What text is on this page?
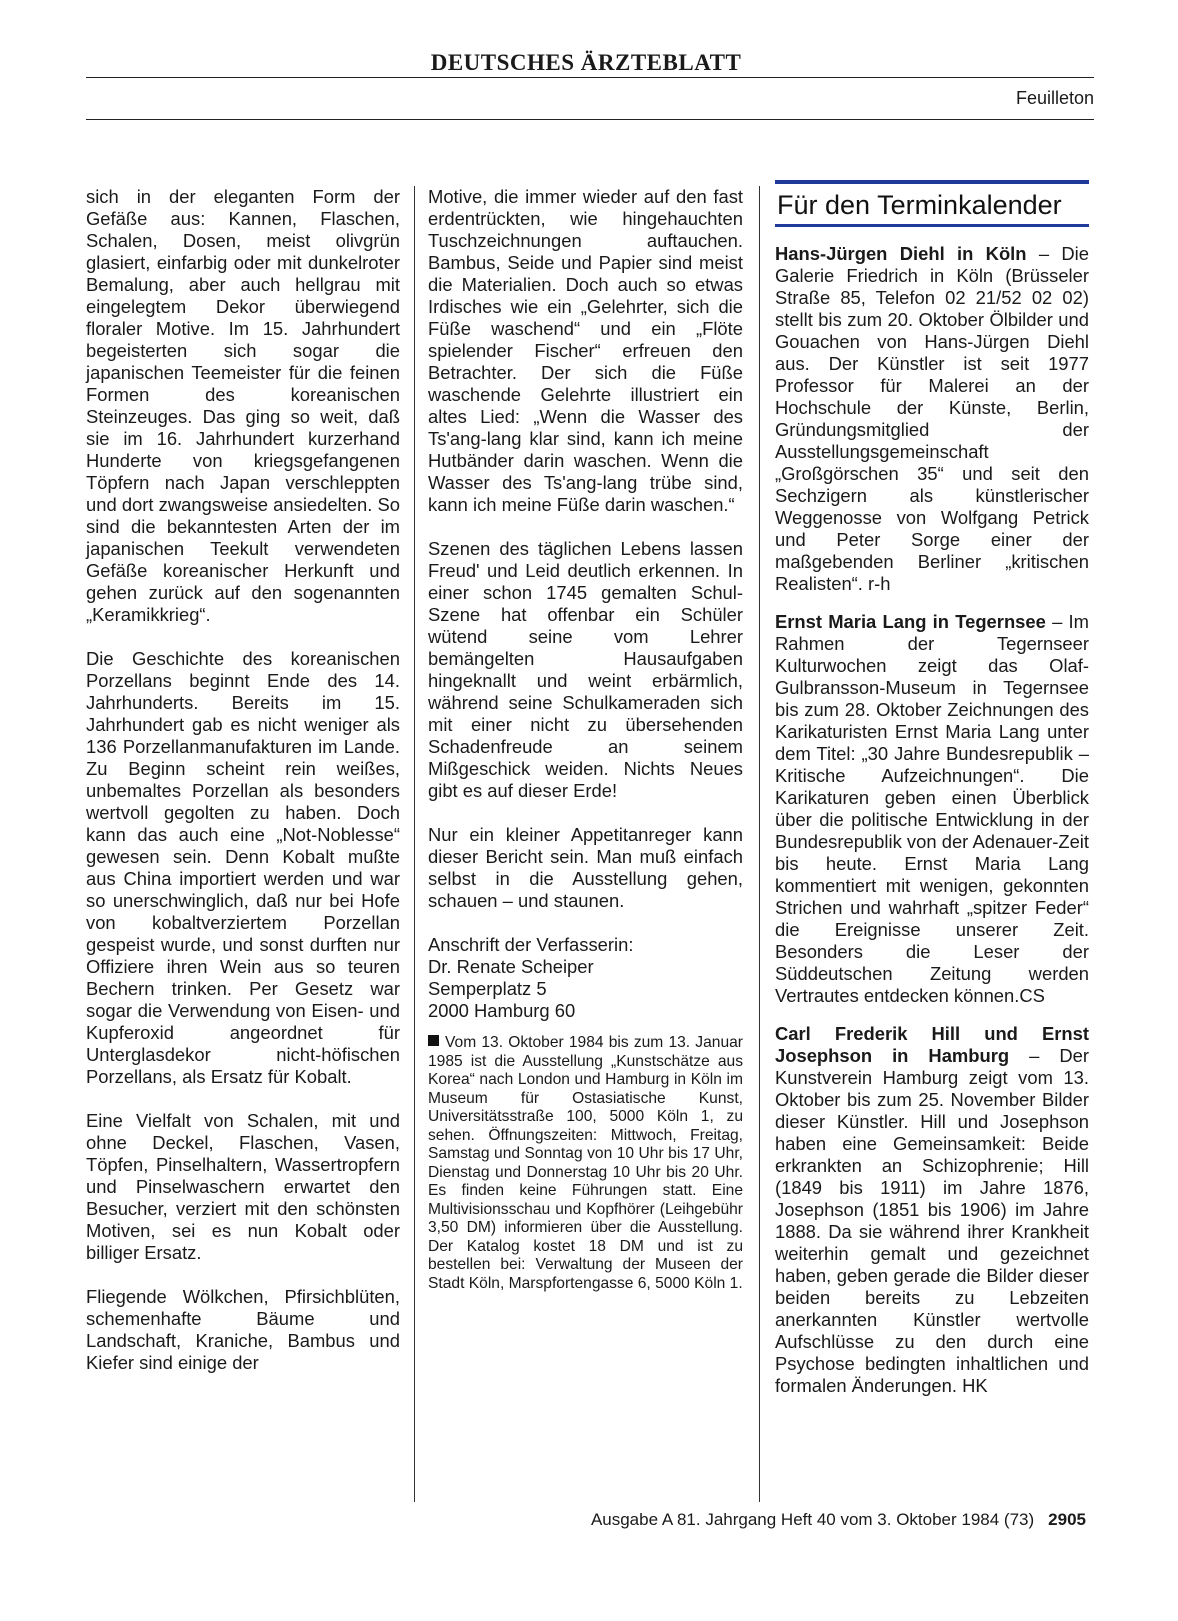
DEUTSCHES ÄRZTEBLATT
Feuilleton

sich in der eleganten Form der Gefäße aus: Kannen, Flaschen, Schalen, Dosen, meist olivgrün glasiert, einfarbig oder mit dunkelroter Bemalung, aber auch hellgrau mit eingelegtem Dekor überwiegend floraler Motive. Im 15. Jahrhundert begeisterten sich sogar die japanischen Teemeister für die feinen Formen des koreanischen Steinzeuges. Das ging so weit, daß sie im 16. Jahrhundert kurzerhand Hunderte von kriegsgefangenen Töpfern nach Japan verschleppten und dort zwangsweise ansiedelten. So sind die bekanntesten Arten der im japanischen Teekult verwendeten Gefäße koreanischer Herkunft und gehen zurück auf den sogenannten „Keramikkrieg“.

Die Geschichte des koreanischen Porzellans beginnt Ende des 14. Jahrhunderts. Bereits im 15. Jahrhundert gab es nicht weniger als 136 Porzellanmanufakturen im Lande. Zu Beginn scheint rein weißes, unbemaltes Porzellan als besonders wertvoll gegolten zu haben. Doch kann das auch eine „Not-Noblesse“ gewesen sein. Denn Kobalt mußte aus China importiert werden und war so unerschwinglich, daß nur bei Hofe von kobaltverziertem Porzellan gespeist wurde, und sonst durften nur Offiziere ihren Wein aus so teuren Bechern trinken. Per Gesetz war sogar die Verwendung von Eisen- und Kupferoxid angeordnet für Unterglasdekor nicht-höfischen Porzellans, als Ersatz für Kobalt.

Eine Vielfalt von Schalen, mit und ohne Deckel, Flaschen, Vasen, Töpfen, Pinselhaltern, Wassertropfern und Pinselwaschern erwartet den Besucher, verziert mit den schönsten Motiven, sei es nun Kobalt oder billiger Ersatz.

Fliegende Wölkchen, Pfirsichblüten, schemenhafte Bäume und Landschaft, Kraniche, Bambus und Kiefer sind einige der

Motive, die immer wieder auf den fast erdentrückten, wie hingehauchten Tuschzeichnungen auftauchen. Bambus, Seide und Papier sind meist die Materialien. Doch auch so etwas Irdisches wie ein „Gelehrter, sich die Füße waschend“ und ein „Flöte spielender Fischer“ erfreuen den Betrachter. Der sich die Füße waschende Gelehrte illustriert ein altes Lied: „Wenn die Wasser des Ts'ang-lang klar sind, kann ich meine Hutbänder darin waschen. Wenn die Wasser des Ts'ang-lang trübe sind, kann ich meine Füße darin waschen.“

Szenen des täglichen Lebens lassen Freud' und Leid deutlich erkennen. In einer schon 1745 gemalten Schul-Szene hat offenbar ein Schüler wütend seine vom Lehrer bemängelten Hausaufgaben hingeknallt und weint erbärmlich, während seine Schulkameraden sich mit einer nicht zu übersehenden Schadenfreude an seinem Mißgeschick weiden. Nichts Neues gibt es auf dieser Erde!

Nur ein kleiner Appetitanreger kann dieser Bericht sein. Man muß einfach selbst in die Ausstellung gehen, schauen – und staunen.

Anschrift der Verfasserin:

Dr. Renate Scheiper

Semperplatz 5

2000 Hamburg 60

Vom 13. Oktober 1984 bis zum 13. Januar 1985 ist die Ausstellung „Kunstschätze aus Korea“ nach London und Hamburg in Köln im Museum für Ostasiatische Kunst, Universitätsstraße 100, 5000 Köln 1, zu sehen. Öffnungszeiten: Mittwoch, Freitag, Samstag und Sonntag von 10 Uhr bis 17 Uhr, Dienstag und Donnerstag 10 Uhr bis 20 Uhr. Es finden keine Führungen statt. Eine Multivisionsschau und Kopfhörer (Leihgebühr 3,50 DM) informieren über die Ausstellung. Der Katalog kostet 18 DM und ist zu bestellen bei: Verwaltung der Museen der Stadt Köln, Marspfortengasse 6, 5000 Köln 1.
Für den Terminkalender

Hans-Jürgen Diehl in Köln – Die Galerie Friedrich in Köln (Brüsseler Straße 85, Telefon 02 21/52 02 02) stellt bis zum 20. Oktober Ölbilder und Gouachen von Hans-Jürgen Diehl aus. Der Künstler ist seit 1977 Professor für Malerei an der Hochschule der Künste, Berlin, Gründungsmitglied der Ausstellungsgemeinschaft „Großgörschen 35“ und seit den Sechzigern als künstlerischer Weggenosse von Wolfgang Petrick und Peter Sorge einer der maßgebenden Berliner „kritischen Realisten“. r-h

Ernst Maria Lang in Tegernsee – Im Rahmen der Tegernseer Kulturwochen zeigt das Olaf-Gulbransson-Museum in Tegernsee bis zum 28. Oktober Zeichnungen des Karikaturisten Ernst Maria Lang unter dem Titel: „30 Jahre Bundesrepublik – Kritische Aufzeichnungen“. Die Karikaturen geben einen Überblick über die politische Entwicklung in der Bundesrepublik von der Adenauer-Zeit bis heute. Ernst Maria Lang kommentiert mit wenigen, gekonnten Strichen und wahrhaft „spitzer Feder“ die Ereignisse unserer Zeit. Besonders die Leser der Süddeutschen Zeitung werden Vertrautes entdecken können.CS

Carl Frederik Hill und Ernst Josephson in Hamburg – Der Kunstverein Hamburg zeigt vom 13. Oktober bis zum 25. November Bilder dieser Künstler. Hill und Josephson haben eine Gemeinsamkeit: Beide erkrankten an Schizophrenie; Hill (1849 bis 1911) im Jahre 1876, Josephson (1851 bis 1906) im Jahre 1888. Da sie während ihrer Krankheit weiterhin gemalt und gezeichnet haben, geben gerade die Bilder dieser beiden bereits zu Lebzeiten anerkannten Künstler wertvolle Aufschlüsse zu den durch eine Psychose bedingten inhaltlichen und formalen Änderungen. HK

Ausgabe A 81. Jahrgang Heft 40 vom 3. Oktober 1984 (73) 2905
